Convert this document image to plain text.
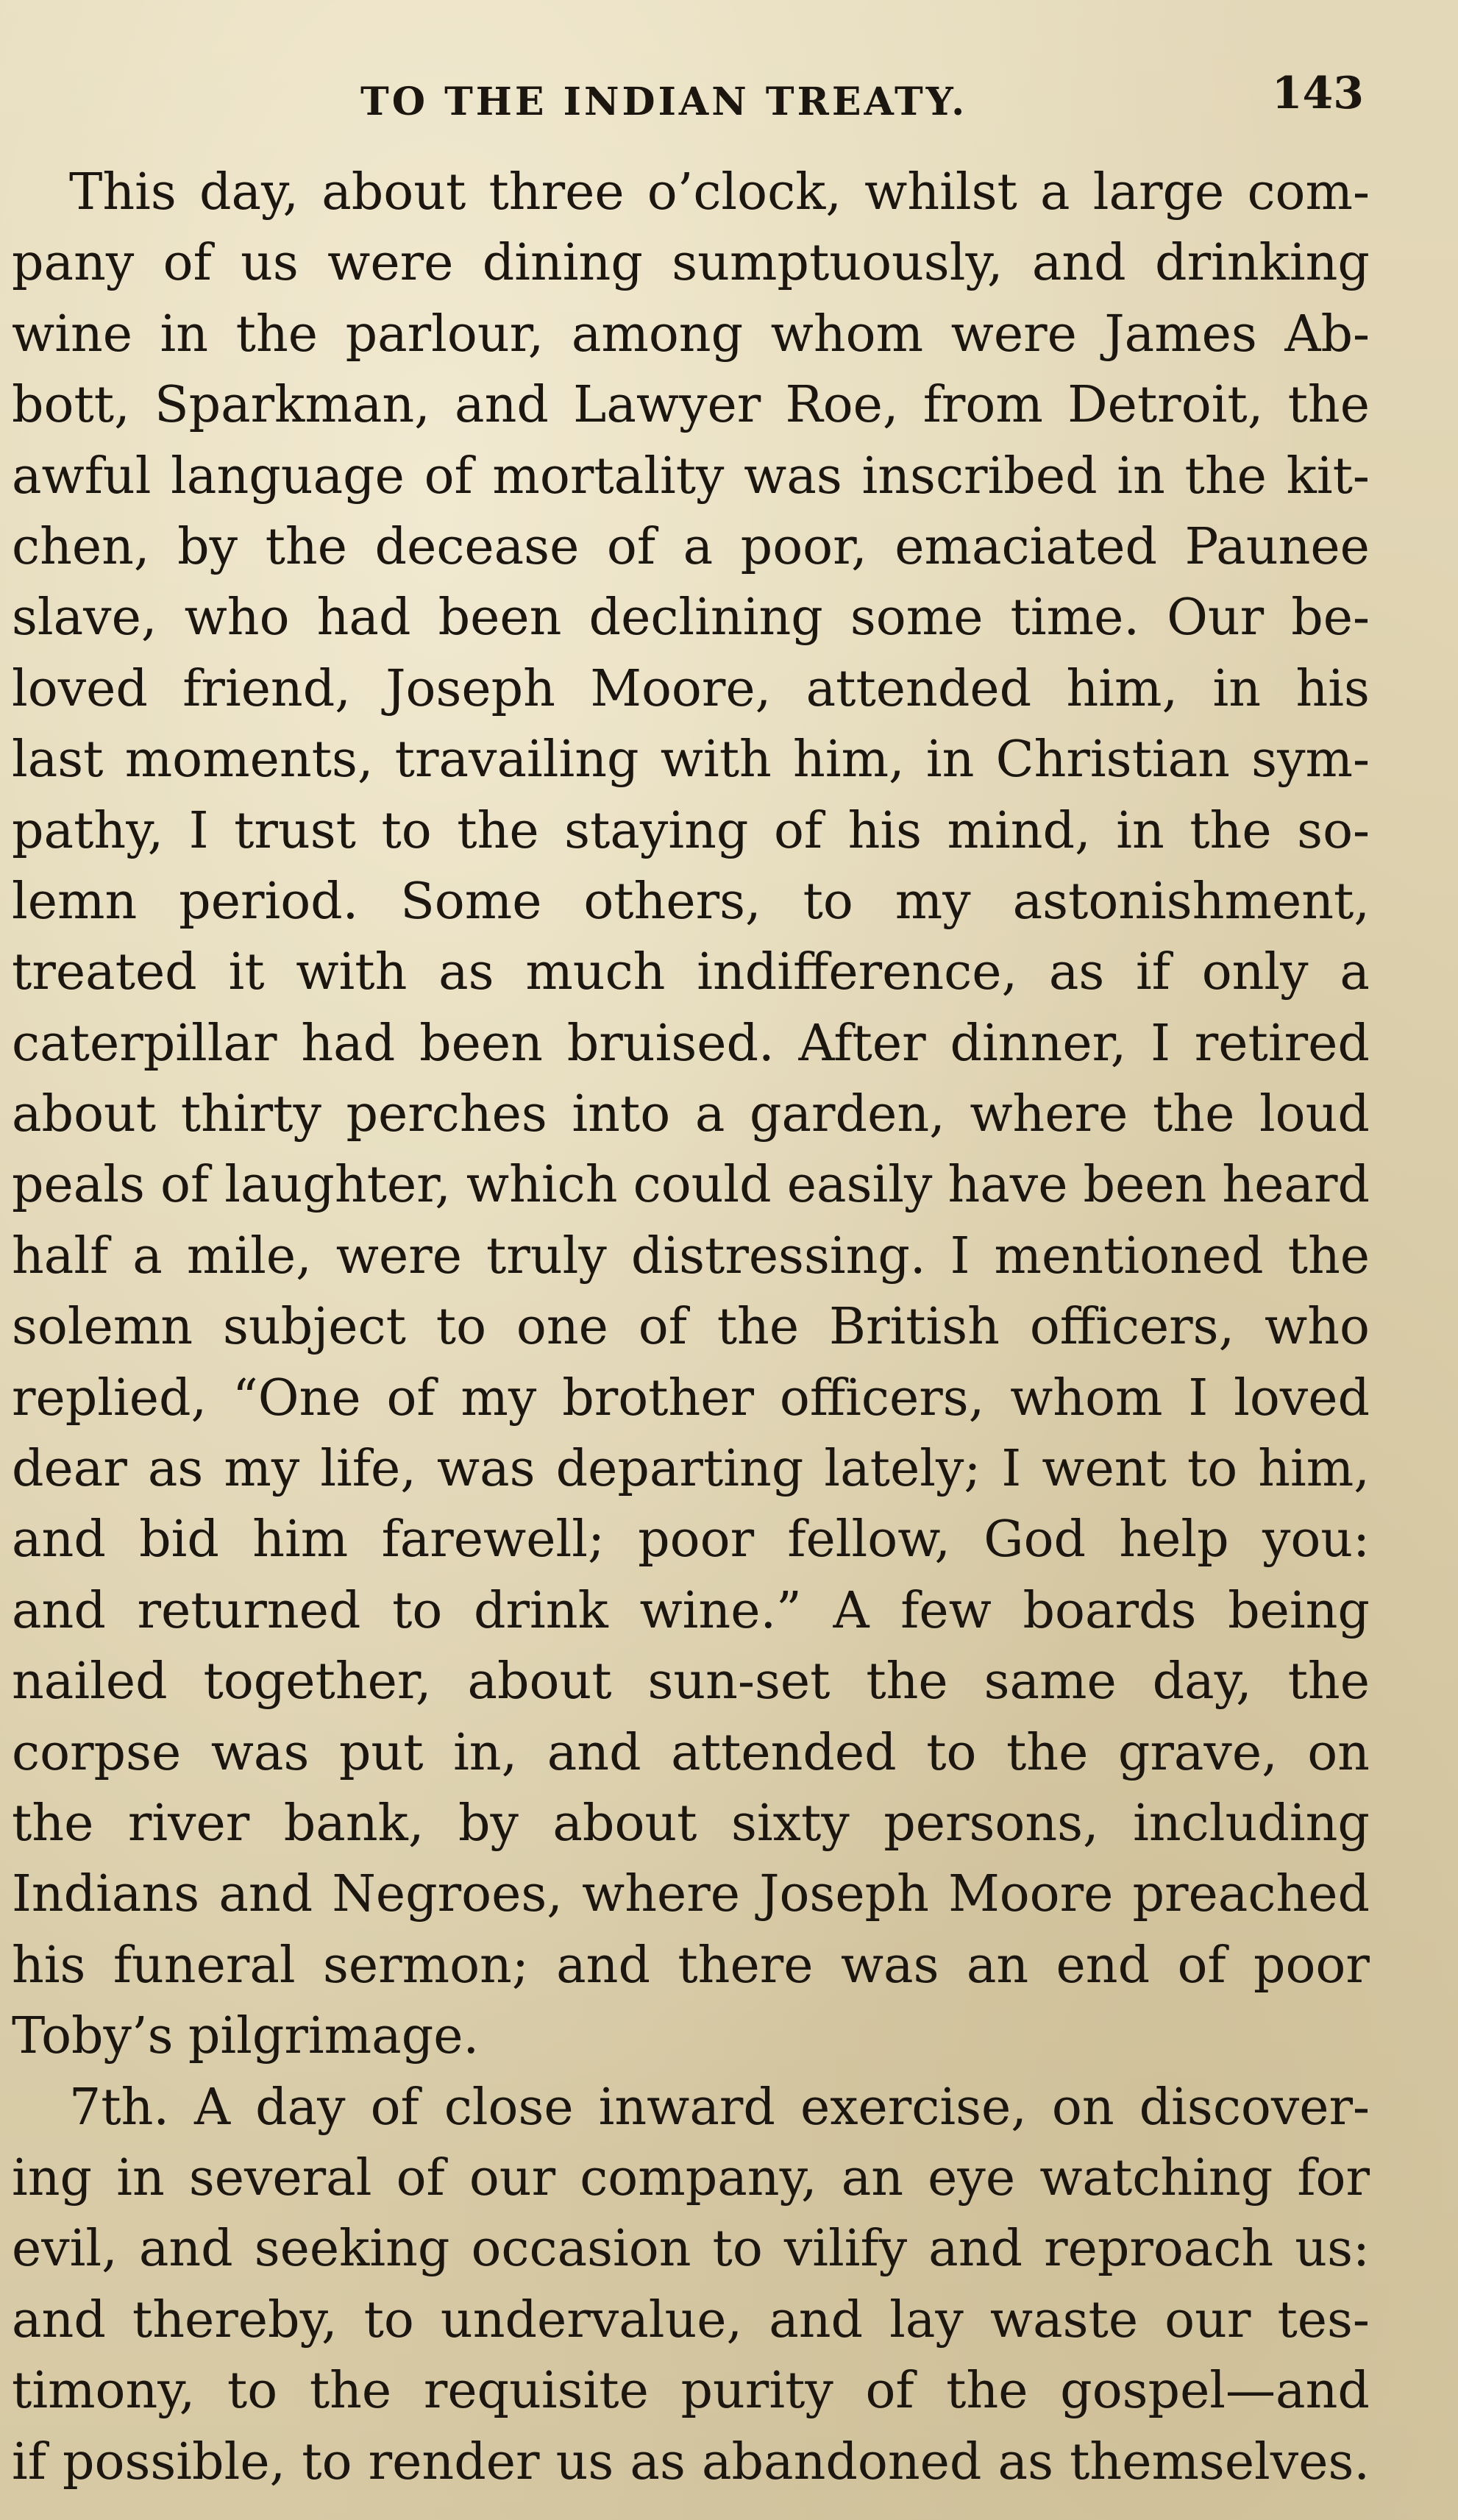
TO THE INDIAN TREATY.	143
This day, about three o’clock, whilst a large com-
pany of us were dining sumptuously, and drinking
wine in the parlour, among whom were James Ab-
bott, Sparkman, and Lawyer Roe, from Detroit, the
awful language of mortality was inscribed in the kit-
chen, by the decease of a poor, emaciated Paunee
slave, who had been declining some time. Our be-
loved friend, Joseph Moore, attended him, in his
last moments, travailing with him, in Christian sym-
pathy, I trust to the staying of his mind, in the so-
lemn period. Some others, to my astonishment,
treated it with as much indifference, as if only a
caterpillar had been bruised. After dinner, I retired
about thirty perches into a garden, where the loud
peals of laughter, which could easily have been heard
half a mile, were truly distressing. I mentioned the
solemn subject to one of the British officers, who
replied, “One of my brother officers, whom I loved
dear as my life, was departing lately; I went to him,
and bid him farewell; poor fellow, God help you:
and returned to drink wine.” A few boards being
nailed together, about sun-set the same day, the
corpse was put in, and attended to the grave, on
the river bank, by about sixty persons, including
Indians and Negroes, where Joseph Moore preached
his funeral sermon; and there was an end of poor
Toby’s pilgrimage.
7th. A day of close inward exercise, on discover-
ing in several of our company, an eye watching for
evil, and seeking occasion to vilify and reproach us:
and thereby, to undervalue, and lay waste our tes-
timony, to the requisite purity of the gospel—and
if possible, to render us as abandoned as themselves.
